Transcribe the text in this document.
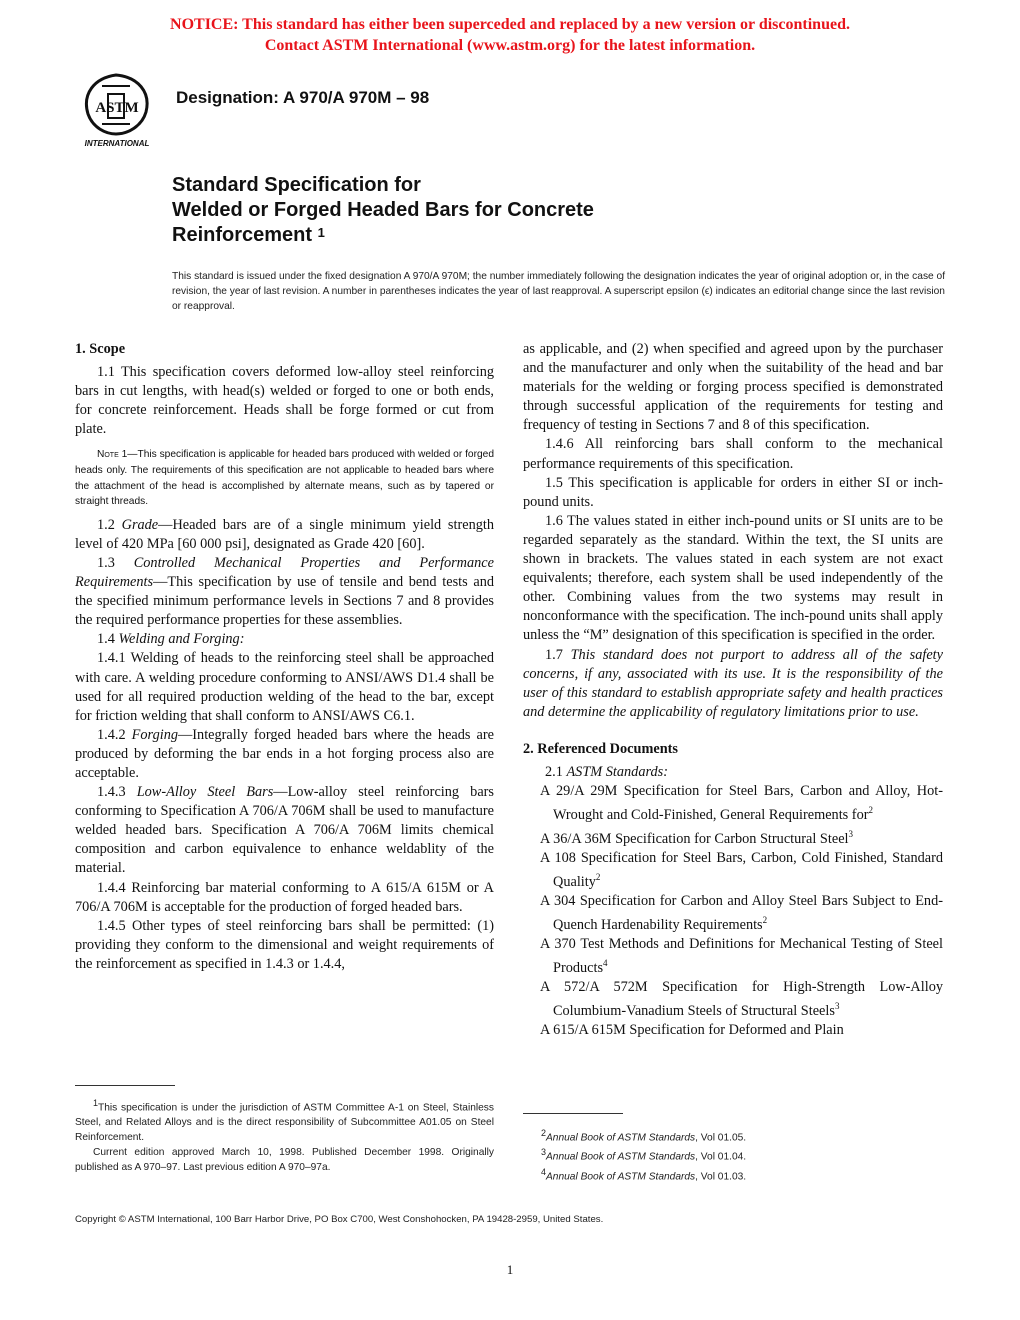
NOTICE: This standard has either been superceded and replaced by a new version or discontinued.
Contact ASTM International (www.astm.org) for the latest information.
ASTM
INTERNATIONAL
Designation: A 970/A 970M – 98
Standard Specification for
Welded or Forged Headed Bars for Concrete
Reinforcement $^1$
This standard is issued under the fixed designation A 970/A 970M; the number immediately following the designation indicates the year of original adoption or, in the case of revision, the year of last revision. A number in parentheses indicates the year of last reapproval. A superscript epsilon (ϵ) indicates an editorial change since the last revision or reapproval.
1. Scope

1.1 This specification covers deformed low-alloy steel reinforcing bars in cut lengths, with head(s) welded or forged to one or both ends, for concrete reinforcement. Heads shall be forge formed or cut from plate.

Note 1—This specification is applicable for headed bars produced with welded or forged heads only. The requirements of this specification are not applicable to headed bars where the attachment of the head is accomplished by alternate means, such as by tapered or straight threads.

1.2 Grade—Headed bars are of a single minimum yield strength level of 420 MPa [60 000 psi], designated as Grade 420 [60].

1.3 Controlled Mechanical Properties and Performance Requirements—This specification by use of tensile and bend tests and the specified minimum performance levels in Sections 7 and 8 provides the required performance properties for these assemblies.

1.4 Welding and Forging:

1.4.1 Welding of heads to the reinforcing steel shall be approached with care. A welding procedure conforming to ANSI/AWS D1.4 shall be used for all required production welding of the head to the bar, except for friction welding that shall conform to ANSI/AWS C6.1.

1.4.2 Forging—Integrally forged headed bars where the heads are produced by deforming the bar ends in a hot forging process also are acceptable.

1.4.3 Low-Alloy Steel Bars—Low-alloy steel reinforcing bars conforming to Specification A 706/A 706M shall be used to manufacture welded headed bars. Specification A 706/A 706M limits chemical composition and carbon equivalence to enhance weldablity of the material.

1.4.4 Reinforcing bar material conforming to A 615/A 615M or A 706/A 706M is acceptable for the production of forged headed bars.

1.4.5 Other types of steel reinforcing bars shall be permitted: (1) providing they conform to the dimensional and weight requirements of the reinforcement as specified in 1.4.3 or 1.4.4,

$^1$This specification is under the jurisdiction of ASTM Committee A-1 on Steel, Stainless Steel, and Related Alloys and is the direct responsibility of Subcommittee A01.05 on Steel Reinforcement.

Current edition approved March 10, 1998. Published December 1998. Originally published as A 970–97. Last previous edition A 970–97a.

as applicable, and (2) when specified and agreed upon by the purchaser and the manufacturer and only when the suitability of the head and bar materials for the welding or forging process specified is demonstrated through successful application of the requirements for testing and frequency of testing in Sections 7 and 8 of this specification.

1.4.6 All reinforcing bars shall conform to the mechanical performance requirements of this specification.

1.5 This specification is applicable for orders in either SI or inch-pound units.

1.6 The values stated in either inch-pound units or SI units are to be regarded separately as the standard. Within the text, the SI units are shown in brackets. The values stated in each system are not exact equivalents; therefore, each system shall be used independently of the other. Combining values from the two systems may result in nonconformance with the specification. The inch-pound units shall apply unless the “M” designation of this specification is specified in the order.

1.7 This standard does not purport to address all of the safety concerns, if any, associated with its use. It is the responsibility of the user of this standard to establish appropriate safety and health practices and determine the applicability of regulatory limitations prior to use.

2. Referenced Documents

2.1 ASTM Standards:

A 29/A 29M Specification for Steel Bars, Carbon and Alloy, Hot-Wrought and Cold-Finished, General Requirements for$^2$

A 36/A 36M Specification for Carbon Structural Steel$^3$

A 108 Specification for Steel Bars, Carbon, Cold Finished, Standard Quality$^2$

A 304 Specification for Carbon and Alloy Steel Bars Subject to End-Quench Hardenability Requirements$^2$

A 370 Test Methods and Definitions for Mechanical Testing of Steel Products$^4$

A 572/A 572M Specification for High-Strength Low-Alloy Columbium-Vanadium Steels of Structural Steels$^3$

A 615/A 615M Specification for Deformed and Plain

$^2$Annual Book of ASTM Standards, Vol 01.05.

$^3$Annual Book of ASTM Standards, Vol 01.04.

$^4$Annual Book of ASTM Standards, Vol 01.03.

Copyright © ASTM International, 100 Barr Harbor Drive, PO Box C700, West Conshohocken, PA 19428-2959, United States.
1
